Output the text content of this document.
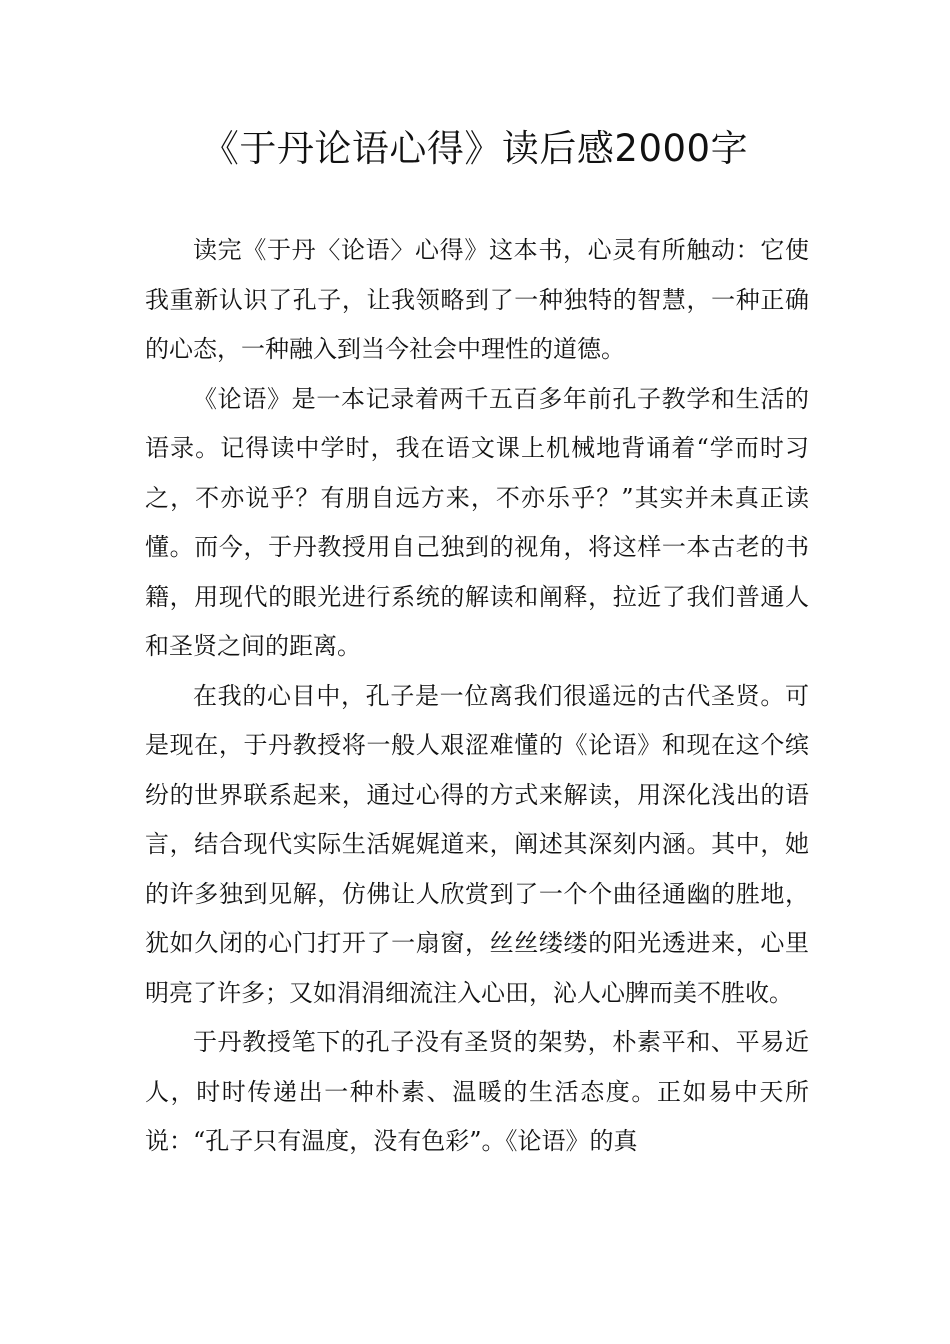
《于丹论语心得》读后感2000字

读完《于丹〈论语〉心得》这本书，心灵有所触动：它使我重新认识了孔子，让我领略到了一种独特的智慧，一种正确的心态，一种融入到当今社会中理性的道德。

《论语》是一本记录着两千五百多年前孔子教学和生活的语录。记得读中学时，我在语文课上机械地背诵着“学而时习之，不亦说乎？有朋自远方来，不亦乐乎？”其实并未真正读懂。而今，于丹教授用自己独到的视角，将这样一本古老的书籍，用现代的眼光进行系统的解读和阐释，拉近了我们普通人和圣贤之间的距离。

在我的心目中，孔子是一位离我们很遥远的古代圣贤。可是现在，于丹教授将一般人艰涩难懂的《论语》和现在这个缤纷的世界联系起来，通过心得的方式来解读，用深化浅出的语言，结合现代实际生活娓娓道来，阐述其深刻内涵。其中，她的许多独到见解，仿佛让人欣赏到了一个个曲径通幽的胜地，犹如久闭的心门打开了一扇窗，丝丝缕缕的阳光透进来，心里明亮了许多；又如涓涓细流注入心田，沁人心脾而美不胜收。

于丹教授笔下的孔子没有圣贤的架势，朴素平和、平易近人，时时传递出一种朴素、温暖的生活态度。正如易中天所说：“孔子只有温度，没有色彩”。《论语》的真
